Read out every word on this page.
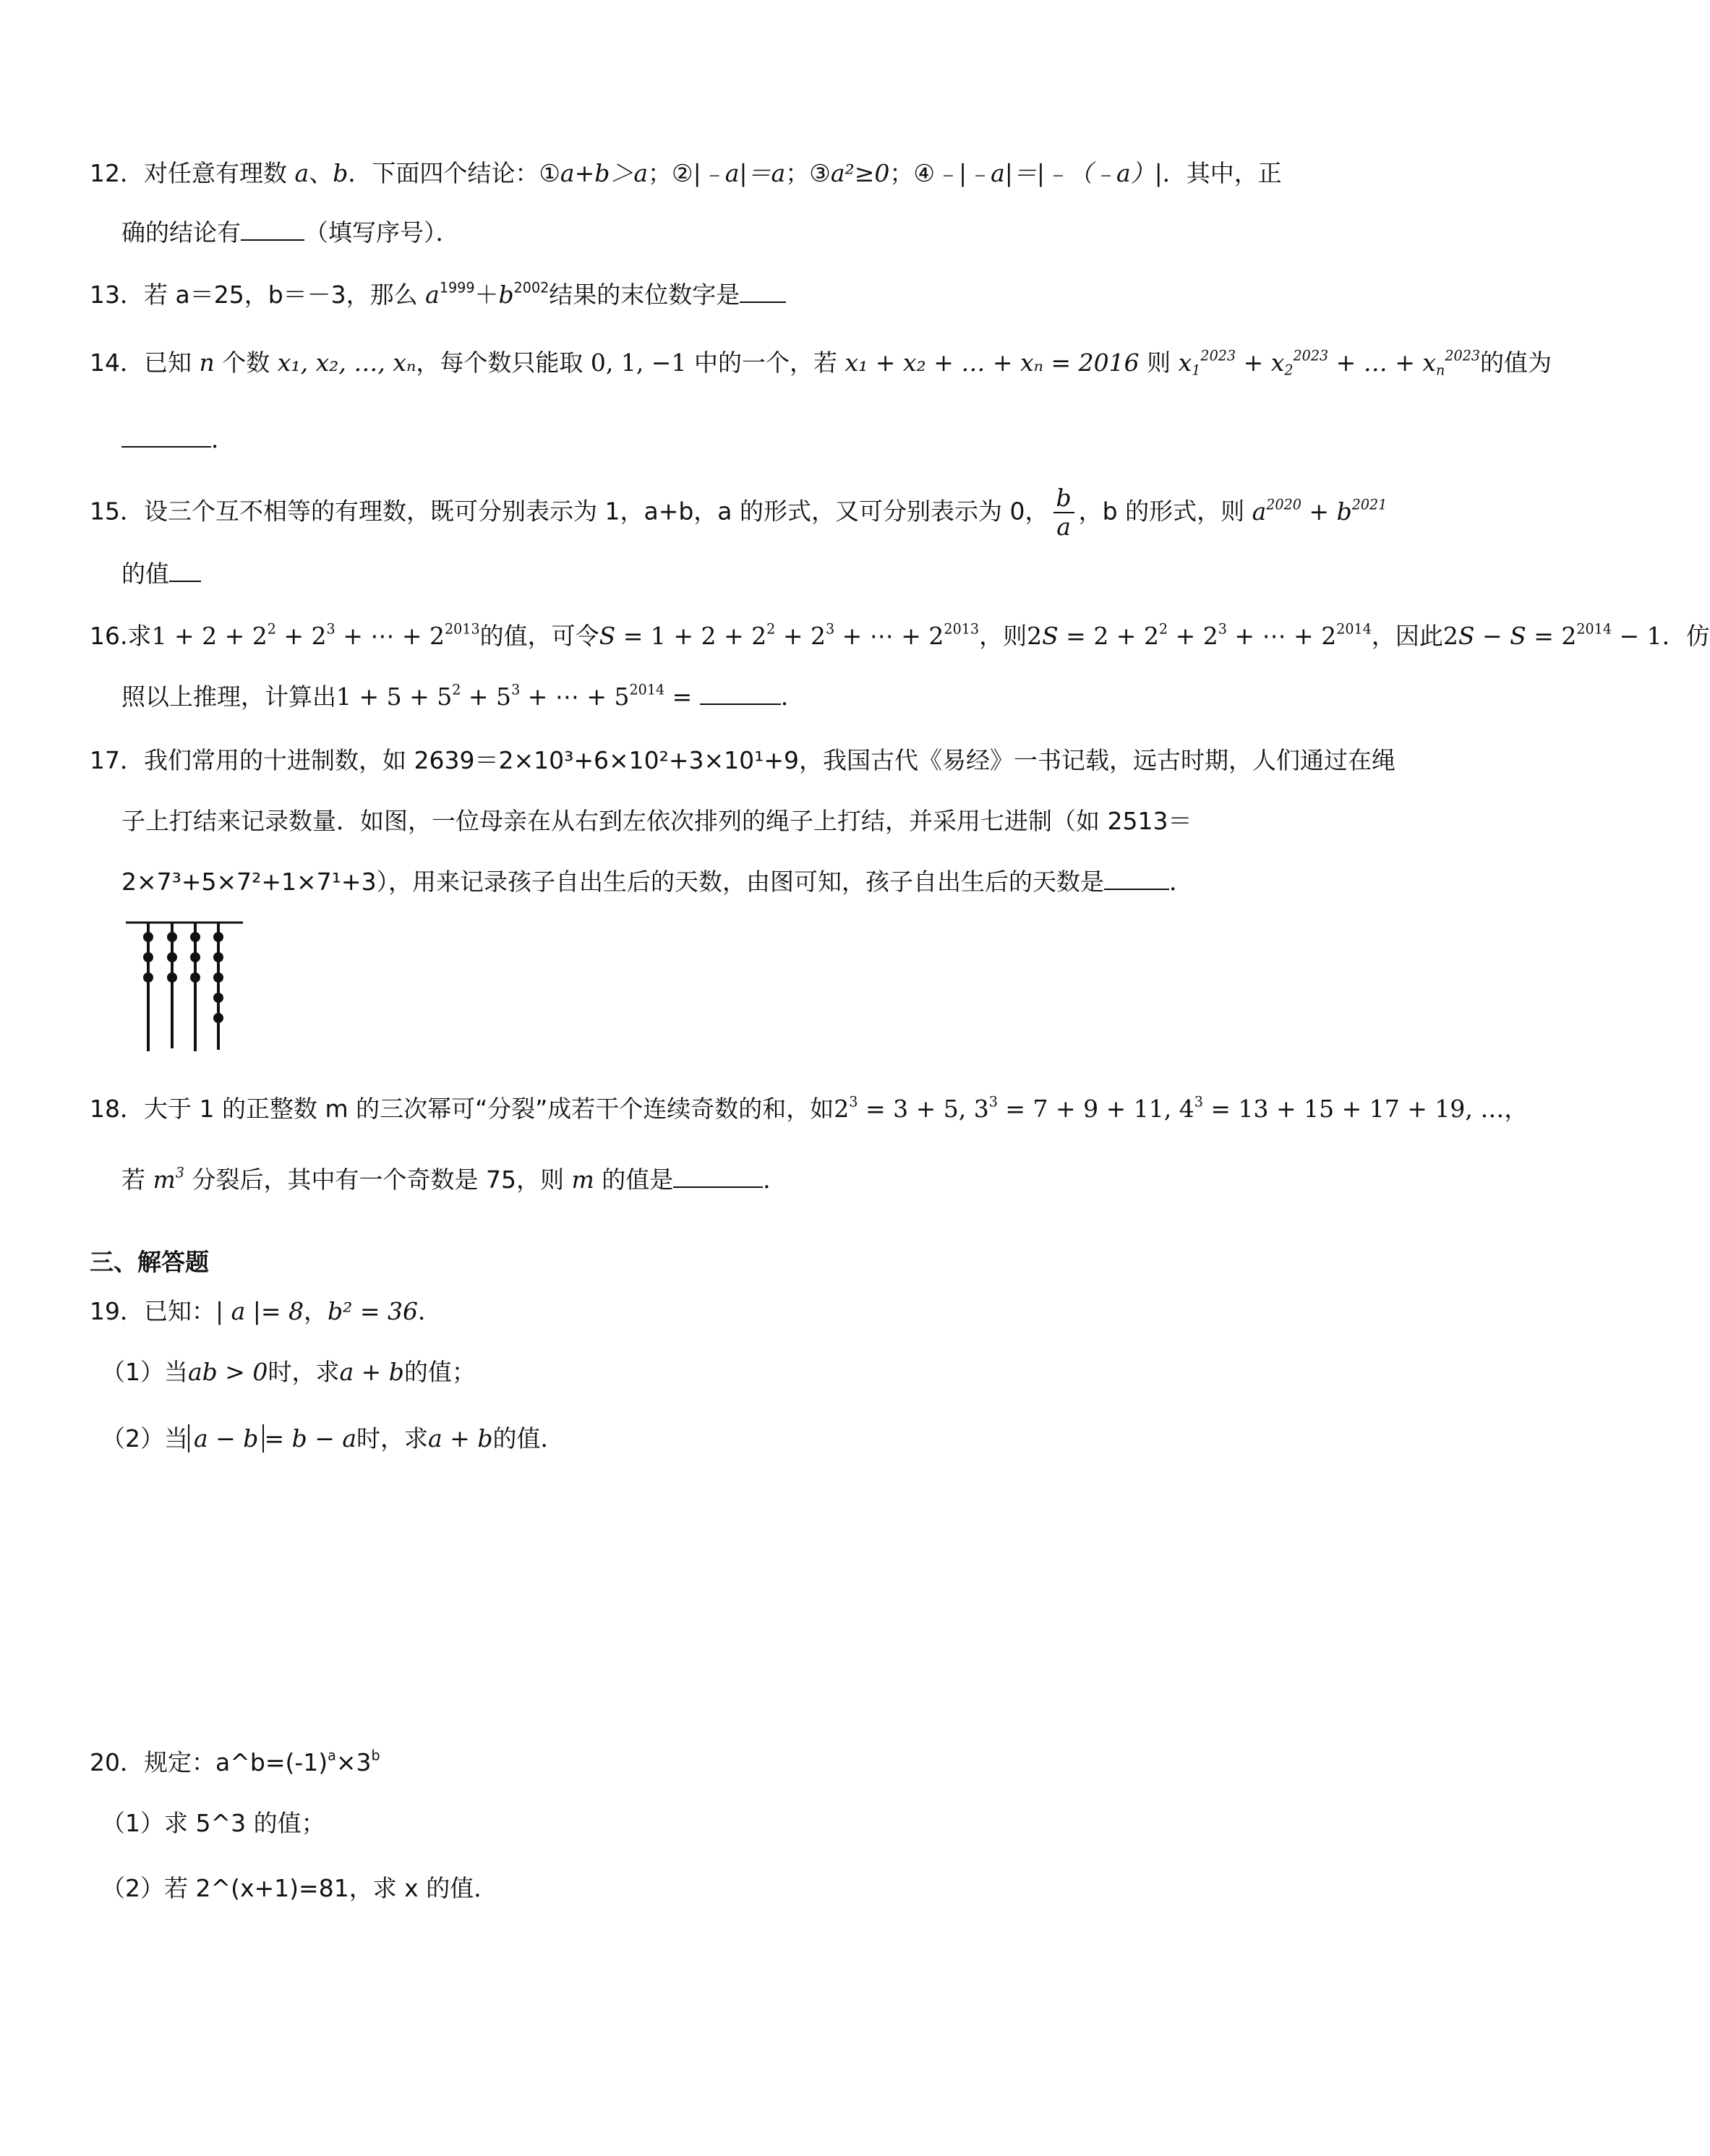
12．对任意有理数 a、b．下面四个结论：①a+b＞a；②|﹣a|＝a；③a²≥0；④﹣|﹣a|＝|﹣（﹣a）|．其中，正
确的结论有	（填写序号）．
13．若 a＝25，b＝－3，那么 $a^{1999}+b^{2002}$结果的末位数字是
14．已知 n 个数 x₁, x₂, …, xₙ，每个数只能取 0, 1, −1 中的一个，若 x₁ + x₂ + … + xₙ = 2016 则 $x_1^{2023} + x_2^{2023}$ + … + $x_n^{2023}$的值为
．
15．设三个互不相等的有理数，既可分别表示为 1，a+b，a 的形式，又可分别表示为 0， $\frac{b}{a}$ ，b 的形式，则 $a^{2020} + b^{2021}$
的值
16.求$1 + 2 + 2^2 + 2^3$ + ⋯ + $2^{2013}$的值，可令$S = 1 + 2 + 2^2 + 2^3$ + ⋯ + $2^{2013}$，则$2S = 2 + 2^2 + 2^3$ + ⋯ + $2^{2014}$，因此$2S - S = 2^{2014} - 1$．仿
照以上推理，计算出$1 + 5 + 5^2 + 5^3$ + ⋯ + $5^{2014}$ =	．
17．我们常用的十进制数，如 2639＝2×10³+6×10²+3×10¹+9，我国古代《易经》一书记载，远古时期，人们通过在绳
子上打结来记录数量．如图，一位母亲在从右到左依次排列的绳子上打结，并采用七进制（如 2513＝
2×7³+5×7²+1×7¹+3），用来记录孩子自出生后的天数，由图可知，孩子自出生后的天数是	．
18．大于 1 的正整数 m 的三次幂可“分裂”成若干个连续奇数的和，如$2^3 = 3 + 5$, $3^3 = 7 + 9 + 11$, $4^3 = 13 + 15 + 17 + 19$, …，
若 $m^3$ 分裂后，其中有一个奇数是 75，则 m 的值是	．
三、解答题
19．已知：| a |= 8，b² = 36．
（1）当ab > 0时，求a + b的值；
（2）当 a − b = b − a时，求a + b的值．
20．规定：$a\^{}b=(-1)^a\times 3^b$
（1）求 5^3 的值；
（2）若 2^(x+1)=81，求 x 的值．
